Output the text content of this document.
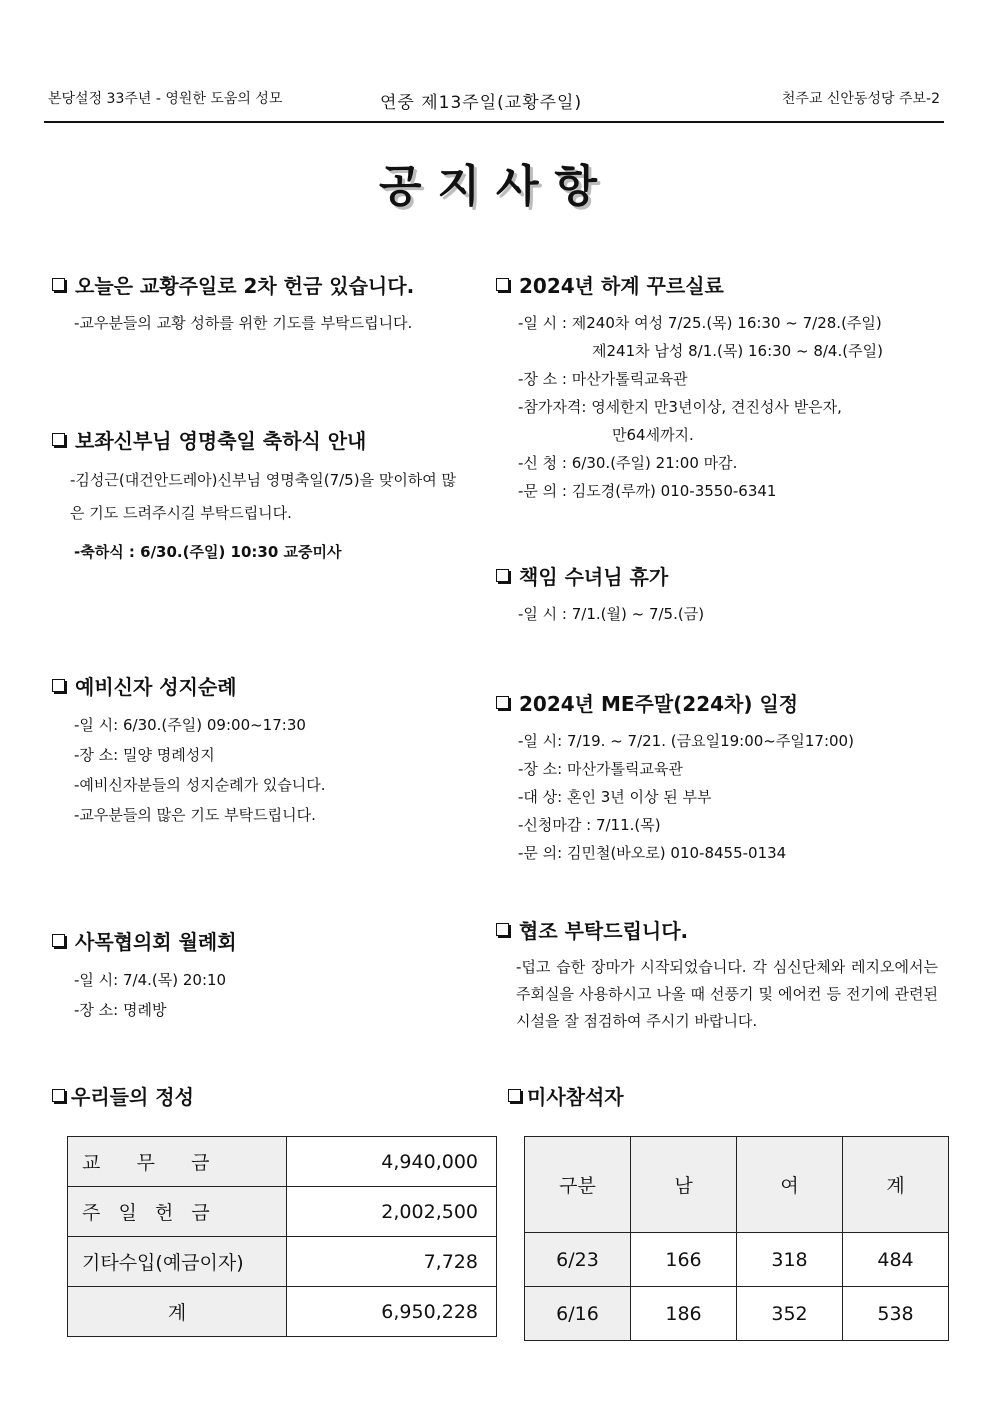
본당설정 33주년 - 영원한 도움의 성모	연중 제13주일(교황주일)	천주교 신안동성당 주보-2
공지사항
오늘은 교황주일로 2차 헌금 있습니다.
-교우분들의 교황 성하를 위한 기도를 부탁드립니다.
보좌신부님 영명축일 축하식 안내
-김성근(대건안드레아)신부님 영명축일(7/5)을 맞이하여 많은 기도 드려주시길 부탁드립니다.
-축하식 : 6/30.(주일) 10:30 교중미사
예비신자 성지순례
-일 시: 6/30.(주일) 09:00~17:30
-장 소: 밀양 명례성지
-예비신자분들의 성지순례가 있습니다.
-교우분들의 많은 기도 부탁드립니다.
사목협의회 월례회
-일 시: 7/4.(목) 20:10
-장 소: 명례방
2024년 하계 꾸르실료
-일 시 : 제240차 여성 7/25.(목) 16:30 ~ 7/28.(주일)
제241차 남성 8/1.(목) 16:30 ~ 8/4.(주일)
-장 소 : 마산가톨릭교육관
-참가자격: 영세한지 만3년이상, 견진성사 받은자,
만64세까지.
-신 청 : 6/30.(주일) 21:00 마감.
-문 의 : 김도경(루까) 010-3550-6341
책임 수녀님 휴가
-일 시 : 7/1.(월) ~ 7/5.(금)
2024년 ME주말(224차) 일정
-일 시: 7/19. ~ 7/21. (금요일19:00~주일17:00)
-장 소: 마산가톨릭교육관
-대 상: 혼인 3년 이상 된 부부
-신청마감 : 7/11.(목)
-문 의: 김민철(바오로) 010-8455-0134
협조 부탁드립니다.
-덥고 습한 장마가 시작되었습니다. 각 심신단체와 레지오에서는 주회실을 사용하시고 나올 때 선풍기 및 에어컨 등 전기에 관련된 시설을 잘 점검하여 주시기 바랍니다.
우리들의 정성
교      무      금	4,940,000
주   일   헌   금	2,002,500
기타수입(예금이자)	7,728
계	6,950,228
미사참석자
구분	남	여	계
6/23	166	318	484
6/16	186	352	538
